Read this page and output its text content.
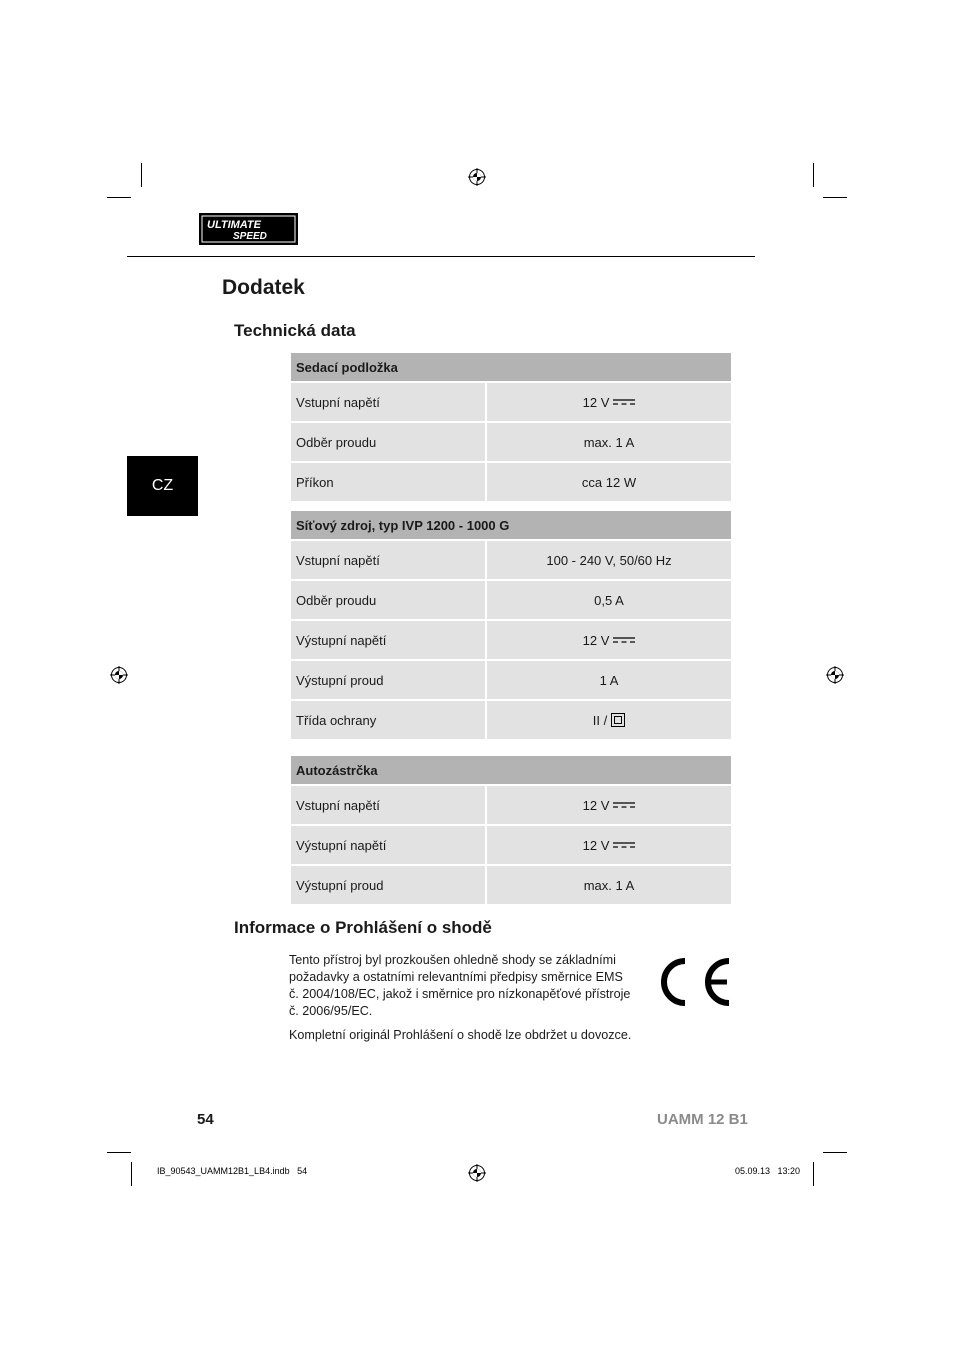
ULTIMATE
SPEED
Dodatek
Technická data
CZ
Sedací podložka
Vstupní napětí	12 V
Odběr proudu	max. 1 A
Příkon	cca 12 W
Síťový zdroj, typ IVP 1200 - 1000 G
Vstupní napětí	100 - 240 V, 50/60 Hz
Odběr proudu	0,5 A
Výstupní napětí	12 V
Výstupní proud	1 A
Třída ochrany	II /
Autozástrčka
Vstupní napětí	12 V
Výstupní napětí	12 V
Výstupní proud	max. 1 A
Informace o Prohlášení o shodě

Tento přístroj byl prozkoušen ohledně shody se základními požadavky a ostatními relevantními předpisy směrnice EMS č. 2004/108/EC, jakož i směrnice pro nízkonapěťové přístroje č. 2006/95/EC.

Kompletní originál Prohlášení o shodě lze obdržet u dovozce.

54	UAMM 12 B1
IB_90543_UAMM12B1_LB4.indb   54	05.09.13   13:20
